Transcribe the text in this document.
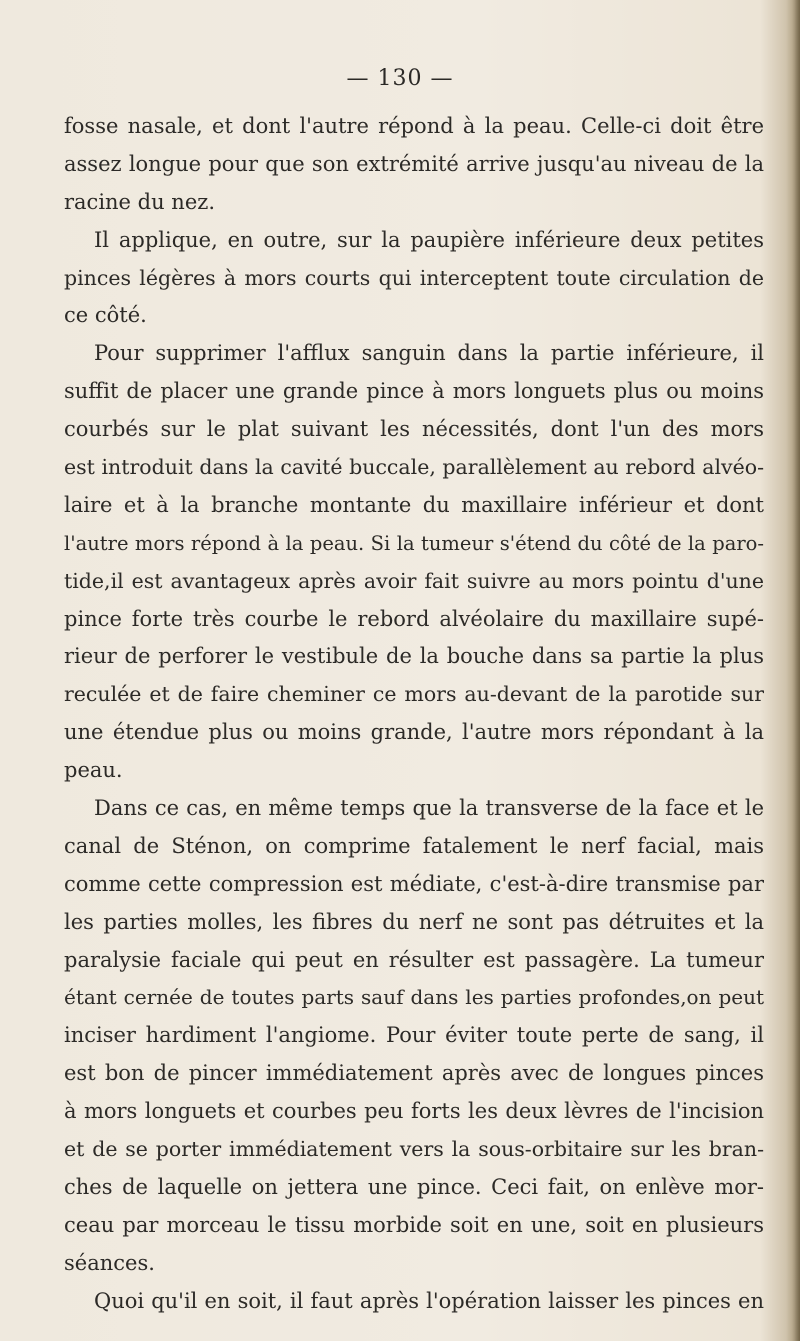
— 130 —
fosse nasale, et dont l'autre répond à la peau. Celle-ci doit être
assez longue pour que son extrémité arrive jusqu'au niveau de la
racine du nez.
Il applique, en outre, sur la paupière inférieure deux petites
pinces légères à mors courts qui interceptent toute circulation de
ce côté.
Pour supprimer l'afflux sanguin dans la partie inférieure, il
suffit de placer une grande pince à mors longuets plus ou moins
courbés sur le plat suivant les nécessités, dont l'un des mors
est introduit dans la cavité buccale, parallèlement au rebord alvéo-
laire et à la branche montante du maxillaire inférieur et dont
l'autre mors répond à la peau. Si la tumeur s'étend du côté de la paro-
tide,il est avantageux après avoir fait suivre au mors pointu d'une
pince forte très courbe le rebord alvéolaire du maxillaire supé-
rieur de perforer le vestibule de la bouche dans sa partie la plus
reculée et de faire cheminer ce mors au-devant de la parotide sur
une étendue plus ou moins grande, l'autre mors répondant à la
peau.
Dans ce cas, en même temps que la transverse de la face et le
canal de Sténon, on comprime fatalement le nerf facial, mais
comme cette compression est médiate, c'est-à-dire transmise par
les parties molles, les fibres du nerf ne sont pas détruites et la
paralysie faciale qui peut en résulter est passagère. La tumeur
étant cernée de toutes parts sauf dans les parties profondes,on peut
inciser hardiment l'angiome. Pour éviter toute perte de sang, il
est bon de pincer immédiatement après avec de longues pinces
à mors longuets et courbes peu forts les deux lèvres de l'incision
et de se porter immédiatement vers la sous-orbitaire sur les bran-
ches de laquelle on jettera une pince. Ceci fait, on enlève mor-
ceau par morceau le tissu morbide soit en une, soit en plusieurs
séances.
Quoi qu'il en soit, il faut après l'opération laisser les pinces en
